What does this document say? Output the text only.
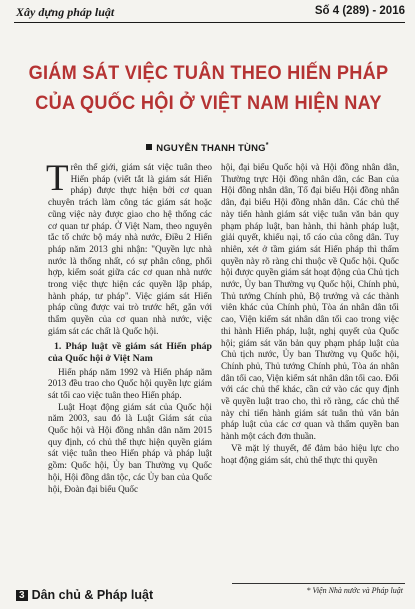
Xây dựng pháp luật	Số 4 (289) - 2016
GIÁM SÁT VIỆC TUÂN THEO HIẾN PHÁP
CỦA QUỐC HỘI Ở VIỆT NAM HIỆN NAY
NGUYỄN THANH TÙNG*

Trên thế giới, giám sát việc tuân theo Hiến pháp (viết tắt là giám sát Hiến pháp) được thực hiện bởi cơ quan chuyên trách làm công tác giám sát hoặc cũng việc này được giao cho hệ thống các cơ quan tư pháp. Ở Việt Nam, theo nguyên tắc tổ chức bộ máy nhà nước, Điều 2 Hiến pháp năm 2013 ghi nhận: "Quyền lực nhà nước là thống nhất, có sự phân công, phối hợp, kiểm soát giữa các cơ quan nhà nước trong việc thực hiện các quyền lập pháp, hành pháp, tư pháp". Việc giám sát Hiến pháp cũng được vai trò trước hết, gắn với thẩm quyền của cơ quan nhà nước, việc giám sát các chất là Quốc hội.

1. Pháp luật về giám sát Hiến pháp của Quốc hội ở Việt Nam

Hiến pháp năm 1992 và Hiến pháp năm 2013 đều trao cho Quốc hội quyền lực giám sát tối cao việc tuân theo Hiến pháp.

Luật Hoạt động giám sát của Quốc hội năm 2003, sau đó là Luật Giám sát của Quốc hội và Hội đồng nhân dân năm 2015 quy định, có chủ thể thực hiện quyền giám sát việc tuân theo Hiến pháp và pháp luật gồm: Quốc hội, Ủy ban Thường vụ Quốc hội, Hội đồng dân tộc, các Ủy ban của Quốc hội, Đoàn đại biểu Quốc

hội, đại biểu Quốc hội và Hội đồng nhân dân, Thường trực Hội đồng nhân dân, các Ban của Hội đồng nhân dân, Tổ đại biểu Hội đồng nhân dân, đại biểu Hội đồng nhân dân. Các chủ thể này tiến hành giám sát việc tuân văn bản quy phạm pháp luật, ban hành, thi hành pháp luật, giải quyết, khiếu nại, tố cáo của công dân. Tuy nhiên, xét ở tầm giám sát Hiến pháp thì thẩm quyền này rõ ràng chỉ thuộc về Quốc hội. Quốc hội được quyền giám sát hoạt động của Chủ tịch nước, Ủy ban Thường vụ Quốc hội, Chính phủ, Thủ tướng Chính phủ, Bộ trưởng và các thành viên khác của Chính phủ, Tòa án nhân dân tối cao, Viện kiểm sát nhân dân tối cao trong việc thi hành Hiến pháp, luật, nghị quyết của Quốc hội; giám sát văn bản quy phạm pháp luật của Chủ tịch nước, Ủy ban Thường vụ Quốc hội, Chính phủ, Thủ tướng Chính phủ, Tòa án nhân dân tối cao, Viện kiểm sát nhân dân tối cao. Đối với các chủ thể khác, cần cứ vào các quy định về quyền luật trao cho, thì rõ ràng, các chủ thể này chỉ tiến hành giám sát tuân thủ văn bản pháp luật của các cơ quan và thẩm quyền ban hành một cách đơn thuần.

Về mặt lý thuyết, để đảm bảo hiệu lực cho hoạt động giám sát, chủ thể thực thi quyền

3 Dân chủ & Pháp luật	* Viện Nhà nước và Pháp luật
